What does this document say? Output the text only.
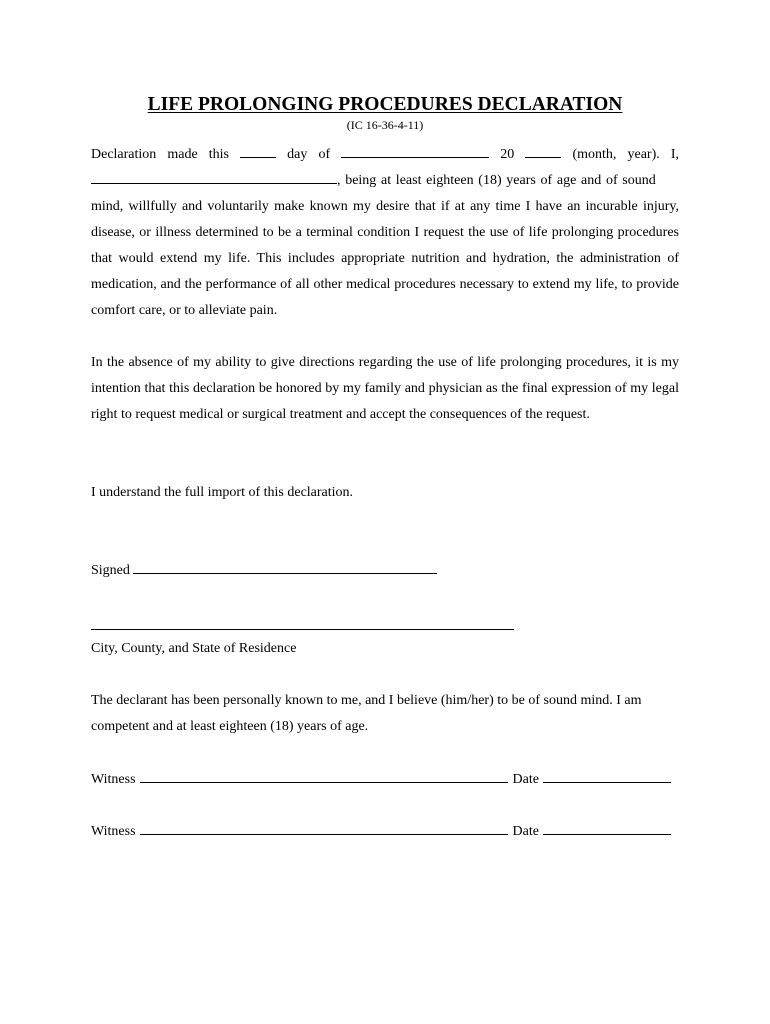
LIFE PROLONGING PROCEDURES DECLARATION
(IC 16-36-4-11)
Declaration made this	day of	20	(month, year). I,
, being at least eighteen (18) years of age and of sound
mind, willfully and voluntarily make known my desire that if at any time I have an incurable injury, disease, or illness determined to be a terminal condition I request the use of life prolonging procedures that would extend my life. This includes appropriate nutrition and hydration, the administration of medication, and the performance of all other medical procedures necessary to extend my life, to provide comfort care, or to alleviate pain.
In the absence of my ability to give directions regarding the use of life prolonging procedures, it is my intention that this declaration be honored by my family and physician as the final expression of my legal right to request medical or surgical treatment and accept the consequences of the request.
I understand the full import of this declaration.
Signed
City, County, and State of Residence
The declarant has been personally known to me, and I believe (him/her) to be of sound mind. I am competent and at least eighteen (18) years of age.
Witness	Date
Witness	Date
